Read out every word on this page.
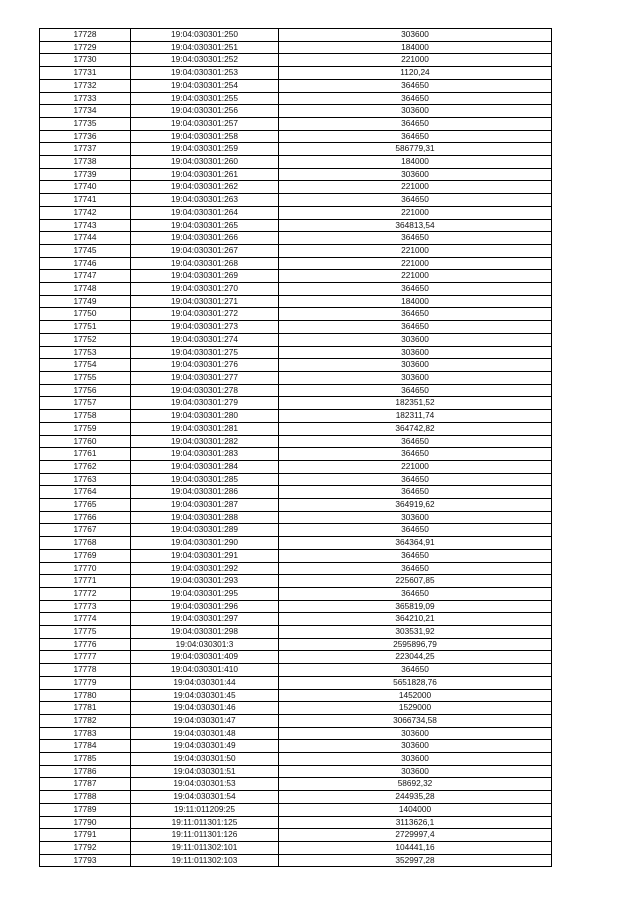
17728	19:04:030301:250	303600
17729	19:04:030301:251	184000
17730	19:04:030301:252	221000
17731	19:04:030301:253	1120,24
17732	19:04:030301:254	364650
17733	19:04:030301:255	364650
17734	19:04:030301:256	303600
17735	19:04:030301:257	364650
17736	19:04:030301:258	364650
17737	19:04:030301:259	586779,31
17738	19:04:030301:260	184000
17739	19:04:030301:261	303600
17740	19:04:030301:262	221000
17741	19:04:030301:263	364650
17742	19:04:030301:264	221000
17743	19:04:030301:265	364813,54
17744	19:04:030301:266	364650
17745	19:04:030301:267	221000
17746	19:04:030301:268	221000
17747	19:04:030301:269	221000
17748	19:04:030301:270	364650
17749	19:04:030301:271	184000
17750	19:04:030301:272	364650
17751	19:04:030301:273	364650
17752	19:04:030301:274	303600
17753	19:04:030301:275	303600
17754	19:04:030301:276	303600
17755	19:04:030301:277	303600
17756	19:04:030301:278	364650
17757	19:04:030301:279	182351,52
17758	19:04:030301:280	182311,74
17759	19:04:030301:281	364742,82
17760	19:04:030301:282	364650
17761	19:04:030301:283	364650
17762	19:04:030301:284	221000
17763	19:04:030301:285	364650
17764	19:04:030301:286	364650
17765	19:04:030301:287	364919,62
17766	19:04:030301:288	303600
17767	19:04:030301:289	364650
17768	19:04:030301:290	364364,91
17769	19:04:030301:291	364650
17770	19:04:030301:292	364650
17771	19:04:030301:293	225607,85
17772	19:04:030301:295	364650
17773	19:04:030301:296	365819,09
17774	19:04:030301:297	364210,21
17775	19:04:030301:298	303531,92
17776	19:04:030301:3	2595896,79
17777	19:04:030301:409	223044,25
17778	19:04:030301:410	364650
17779	19:04:030301:44	5651828,76
17780	19:04:030301:45	1452000
17781	19:04:030301:46	1529000
17782	19:04:030301:47	3066734,58
17783	19:04:030301:48	303600
17784	19:04:030301:49	303600
17785	19:04:030301:50	303600
17786	19:04:030301:51	303600
17787	19:04:030301:53	58692,32
17788	19:04:030301:54	244935,28
17789	19:11:011209:25	1404000
17790	19:11:011301:125	3113626,1
17791	19:11:011301:126	2729997,4
17792	19:11:011302:101	104441,16
17793	19:11:011302:103	352997,28
